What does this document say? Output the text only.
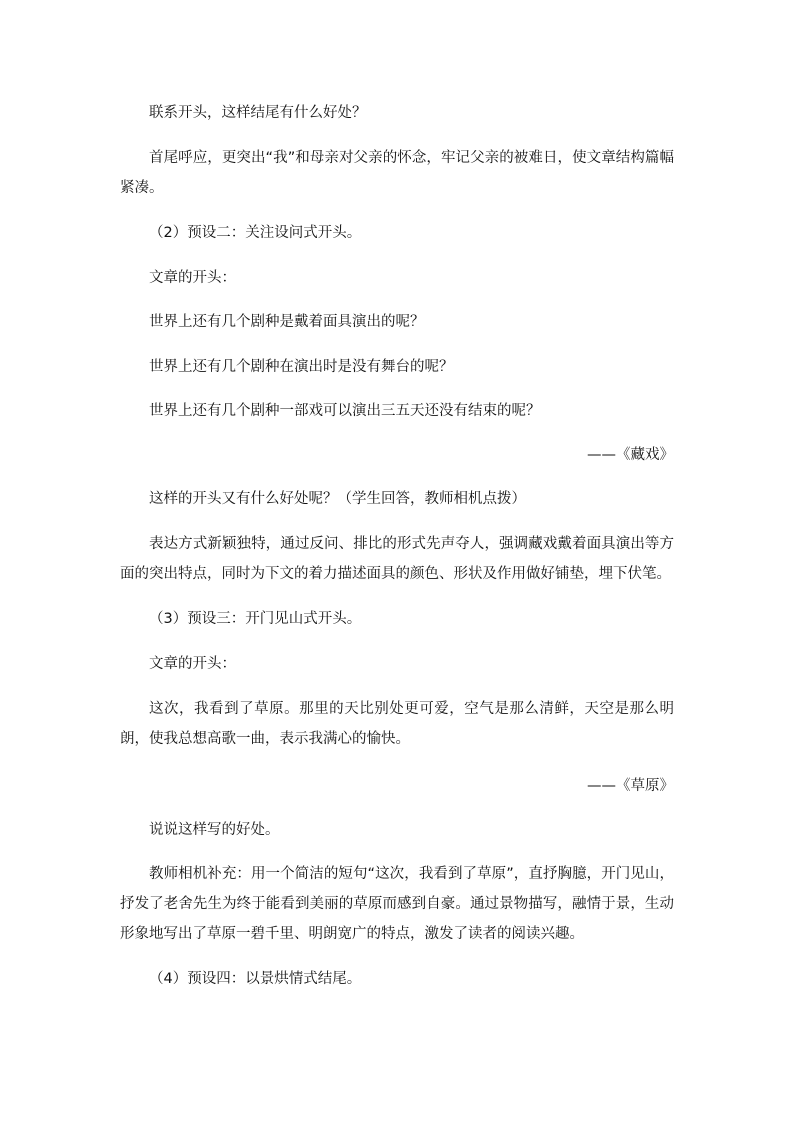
联系开头，这样结尾有什么好处？
首尾呼应，更突出“我”和母亲对父亲的怀念，牢记父亲的被难日，使文章结构篇幅紧凑。
（2）预设二：关注设问式开头。
文章的开头：
世界上还有几个剧种是戴着面具演出的呢？
世界上还有几个剧种在演出时是没有舞台的呢？
世界上还有几个剧种一部戏可以演出三五天还没有结束的呢？
——《藏戏》
这样的开头又有什么好处呢？（学生回答，教师相机点拨）
表达方式新颖独特，通过反问、排比的形式先声夺人，强调藏戏戴着面具演出等方面的突出特点，同时为下文的着力描述面具的颜色、形状及作用做好铺垫，埋下伏笔。
（3）预设三：开门见山式开头。
文章的开头：
这次，我看到了草原。那里的天比别处更可爱，空气是那么清鲜，天空是那么明朗，使我总想高歌一曲，表示我满心的愉快。
——《草原》
说说这样写的好处。
教师相机补充：用一个简洁的短句“这次，我看到了草原”，直抒胸臆，开门见山，抒发了老舍先生为终于能看到美丽的草原而感到自豪。通过景物描写，融情于景，生动形象地写出了草原一碧千里、明朗宽广的特点，激发了读者的阅读兴趣。
（4）预设四：以景烘情式结尾。
